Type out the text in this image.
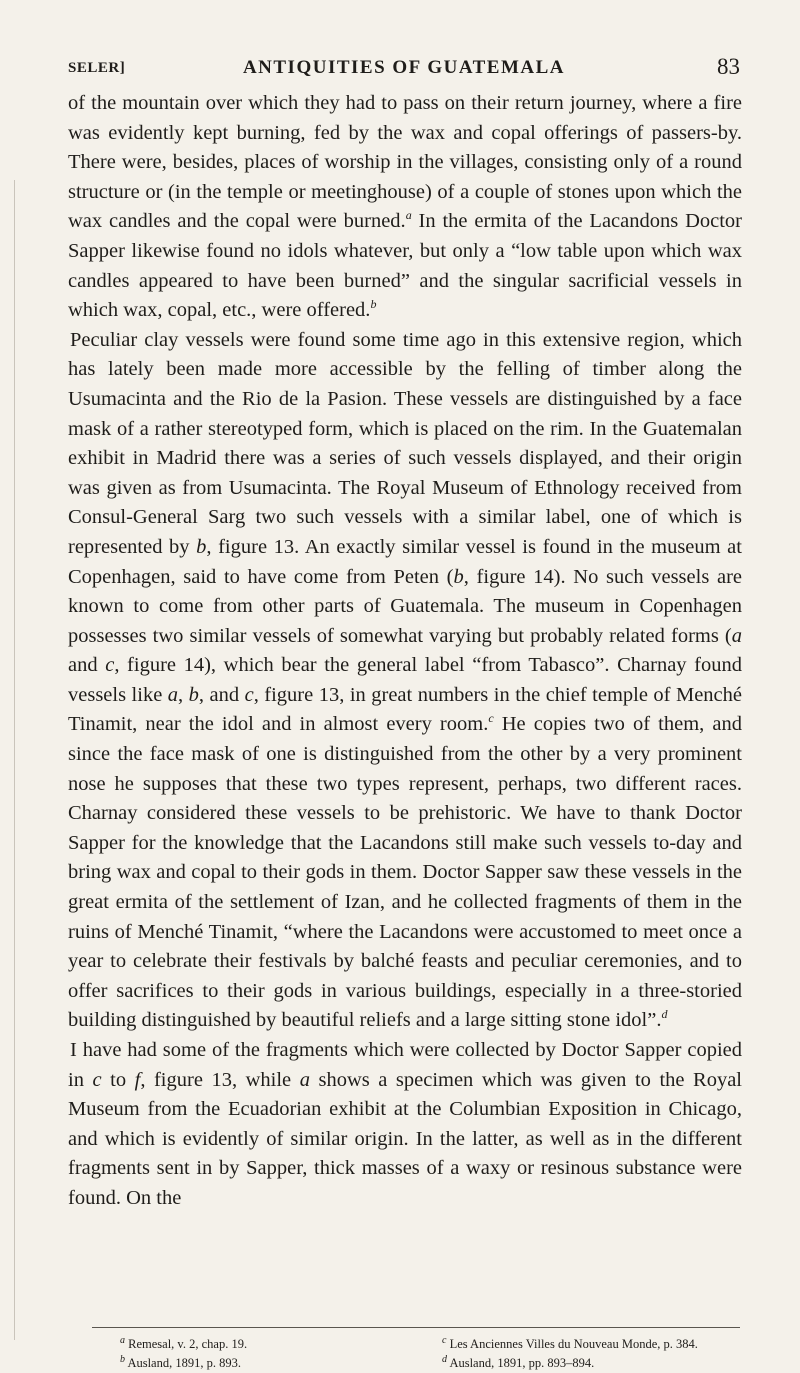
SELER]	ANTIQUITIES OF GUATEMALA	83

of the mountain over which they had to pass on their return journey, where a fire was evidently kept burning, fed by the wax and copal offerings of passers-by. There were, besides, places of worship in the villages, consisting only of a round structure or (in the temple or meetinghouse) of a couple of stones upon which the wax candles and the copal were burned.$^a$ In the ermita of the Lacandons Doctor Sapper likewise found no idols whatever, but only a “low table upon which wax candles appeared to have been burned” and the singular sacrificial vessels in which wax, copal, etc., were offered.$^b$

Peculiar clay vessels were found some time ago in this extensive region, which has lately been made more accessible by the felling of timber along the Usumacinta and the Rio de la Pasion. These vessels are distinguished by a face mask of a rather stereotyped form, which is placed on the rim. In the Guatemalan exhibit in Madrid there was a series of such vessels displayed, and their origin was given as from Usumacinta. The Royal Museum of Ethnology received from Consul-General Sarg two such vessels with a similar label, one of which is represented by b, figure 13. An exactly similar vessel is found in the museum at Copenhagen, said to have come from Peten (b, figure 14). No such vessels are known to come from other parts of Guatemala. The museum in Copenhagen possesses two similar vessels of somewhat varying but probably related forms (a and c, figure 14), which bear the general label “from Tabasco”. Charnay found vessels like a, b, and c, figure 13, in great numbers in the chief temple of Menché Tinamit, near the idol and in almost every room.$^c$ He copies two of them, and since the face mask of one is distinguished from the other by a very prominent nose he supposes that these two types represent, perhaps, two different races. Charnay considered these vessels to be prehistoric. We have to thank Doctor Sapper for the knowledge that the Lacandons still make such vessels to-day and bring wax and copal to their gods in them. Doctor Sapper saw these vessels in the great ermita of the settlement of Izan, and he collected fragments of them in the ruins of Menché Tinamit, “where the Lacandons were accustomed to meet once a year to celebrate their festivals by balché feasts and peculiar ceremonies, and to offer sacrifices to their gods in various buildings, especially in a three-storied building distinguished by beautiful reliefs and a large sitting stone idol”.$^d$

I have had some of the fragments which were collected by Doctor Sapper copied in c to f, figure 13, while a shows a specimen which was given to the Royal Museum from the Ecuadorian exhibit at the Columbian Exposition in Chicago, and which is evidently of similar origin. In the latter, as well as in the different fragments sent in by Sapper, thick masses of a waxy or resinous substance were found. On the

$^a$ Remesal, v. 2, chap. 19.
$^b$ Ausland, 1891, p. 893.
$^c$ Les Anciennes Villes du Nouveau Monde, p. 384.
$^d$ Ausland, 1891, pp. 893–894.
